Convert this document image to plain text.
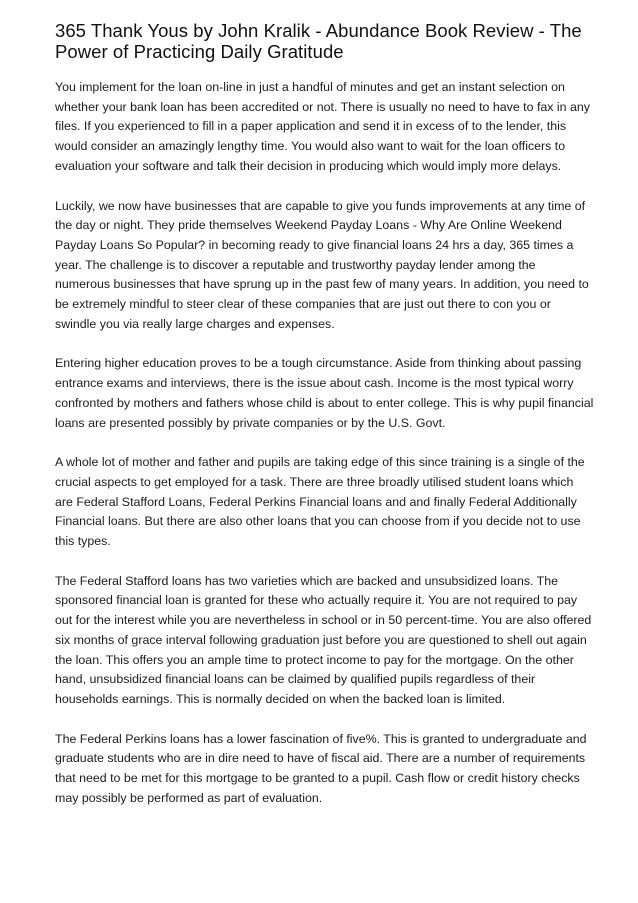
365 Thank Yous by John Kralik - Abundance Book Review - The Power of Practicing Daily Gratitude

You implement for the loan on-line in just a handful of minutes and get an instant selection on whether your bank loan has been accredited or not. There is usually no need to have to fax in any files. If you experienced to fill in a paper application and send it in excess of to the lender, this would consider an amazingly lengthy time. You would also want to wait for the loan officers to evaluation your software and talk their decision in producing which would imply more delays.

Luckily, we now have businesses that are capable to give you funds improvements at any time of the day or night. They pride themselves Weekend Payday Loans - Why Are Online Weekend Payday Loans So Popular? in becoming ready to give financial loans 24 hrs a day, 365 times a year. The challenge is to discover a reputable and trustworthy payday lender among the numerous businesses that have sprung up in the past few of many years. In addition, you need to be extremely mindful to steer clear of these companies that are just out there to con you or swindle you via really large charges and expenses.

Entering higher education proves to be a tough circumstance. Aside from thinking about passing entrance exams and interviews, there is the issue about cash. Income is the most typical worry confronted by mothers and fathers whose child is about to enter college. This is why pupil financial loans are presented possibly by private companies or by the U.S. Govt.

A whole lot of mother and father and pupils are taking edge of this since training is a single of the crucial aspects to get employed for a task. There are three broadly utilised student loans which are Federal Stafford Loans, Federal Perkins Financial loans and and finally Federal Additionally Financial loans. But there are also other loans that you can choose from if you decide not to use this types.

The Federal Stafford loans has two varieties which are backed and unsubsidized loans. The sponsored financial loan is granted for these who actually require it. You are not required to pay out for the interest while you are nevertheless in school or in 50 percent-time. You are also offered six months of grace interval following graduation just before you are questioned to shell out again the loan. This offers you an ample time to protect income to pay for the mortgage. On the other hand, unsubsidized financial loans can be claimed by qualified pupils regardless of their households earnings. This is normally decided on when the backed loan is limited.

The Federal Perkins loans has a lower fascination of five%. This is granted to undergraduate and graduate students who are in dire need to have of fiscal aid. There are a number of requirements that need to be met for this mortgage to be granted to a pupil. Cash flow or credit history checks may possibly be performed as part of evaluation.
